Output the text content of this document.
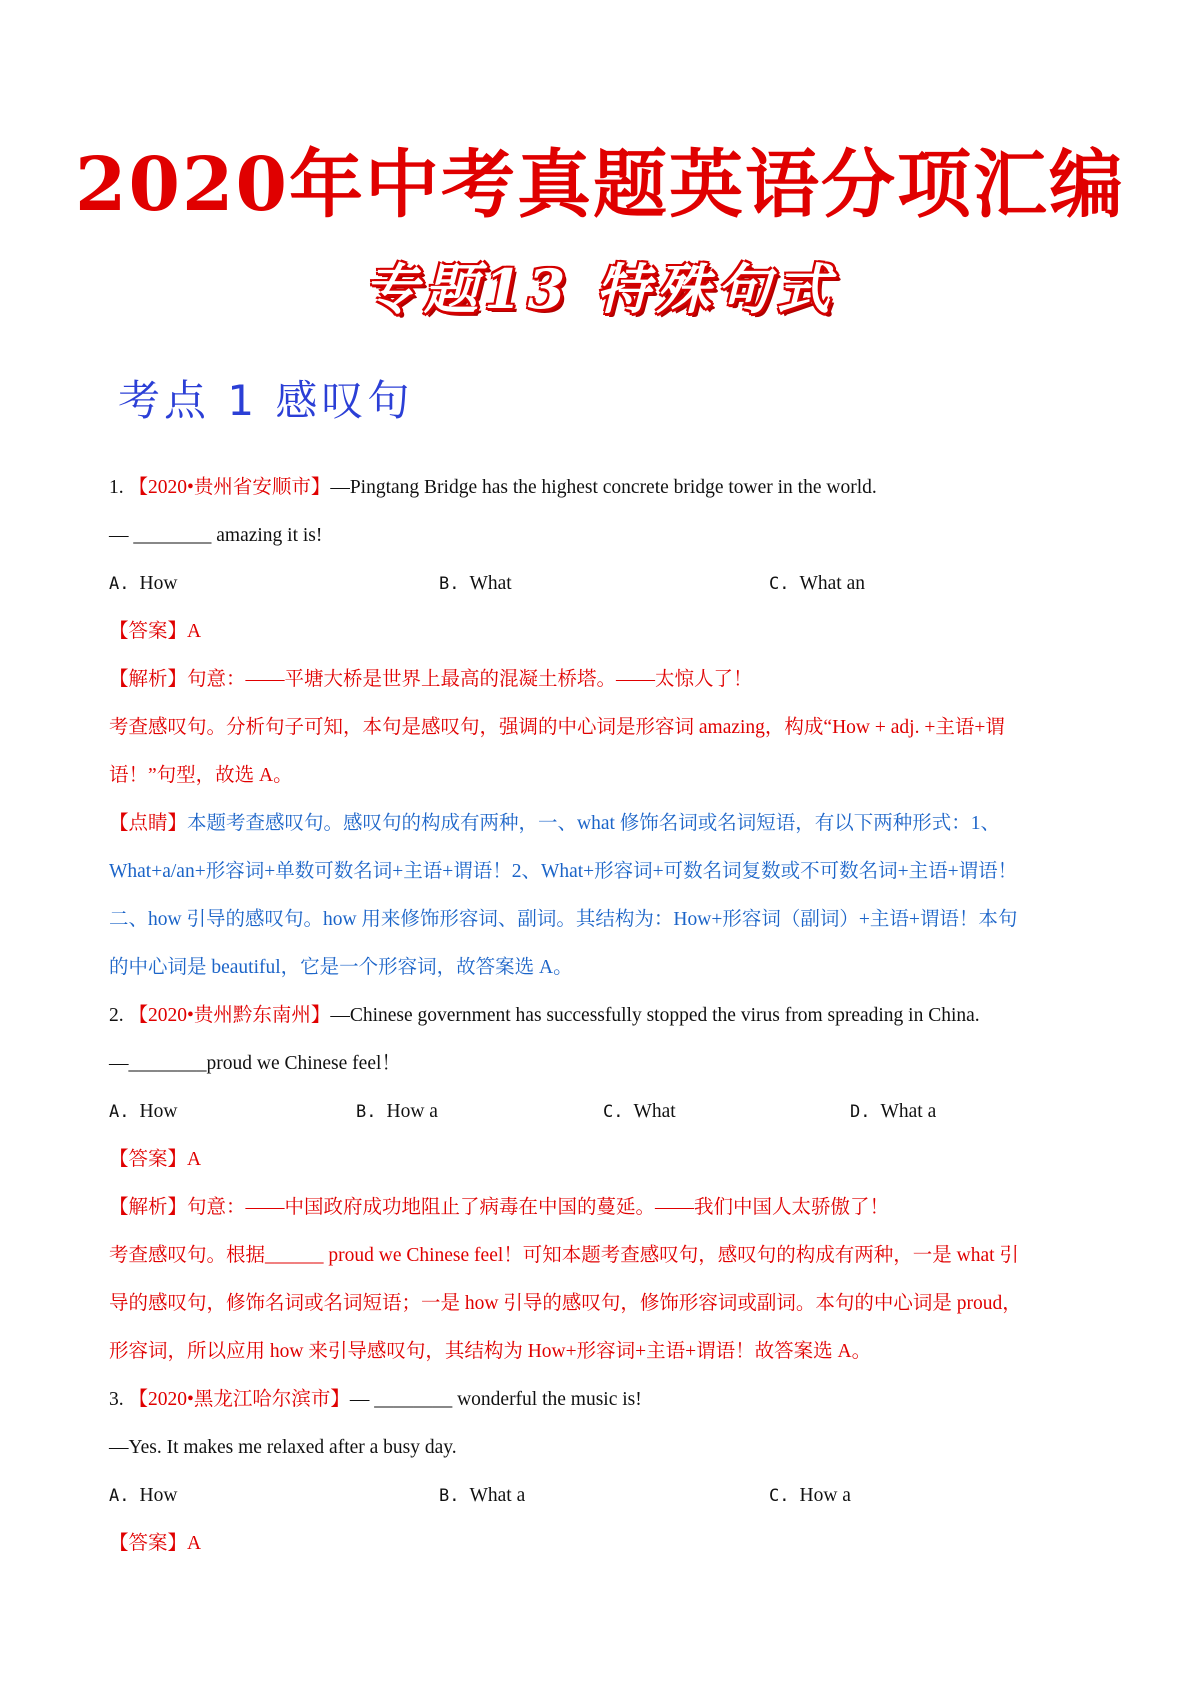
2020年中考真题英语分项汇编
专题13 特殊句式
考点 1 感叹句
1. 【2020•贵州省安顺市】—Pingtang Bridge has the highest concrete bridge tower in the world.
— ________ amazing it is!
A. How	B. What	C. What an
【答案】A
【解析】句意：——平塘大桥是世界上最高的混凝土桥塔。——太惊人了！
考查感叹句。分析句子可知，本句是感叹句，强调的中心词是形容词 amazing，构成“How + adj. +主语+谓
语！”句型，故选 A。
【点睛】本题考查感叹句。感叹句的构成有两种，一、what 修饰名词或名词短语，有以下两种形式：1、
What+a/an+形容词+单数可数名词+主语+谓语！2、What+形容词+可数名词复数或不可数名词+主语+谓语！
二、how 引导的感叹句。how 用来修饰形容词、副词。其结构为：How+形容词（副词）+主语+谓语！本句
的中心词是 beautiful，它是一个形容词，故答案选 A。
2. 【2020•贵州黔东南州】—Chinese government has successfully stopped the virus from spreading in China.
—________proud we Chinese feel！
A. How	B. How a	C. What	D. What a
【答案】A
【解析】句意：——中国政府成功地阻止了病毒在中国的蔓延。——我们中国人太骄傲了！
考查感叹句。根据______ proud we Chinese feel！可知本题考查感叹句，感叹句的构成有两种，一是 what 引
导的感叹句，修饰名词或名词短语；一是 how 引导的感叹句，修饰形容词或副词。本句的中心词是 proud，
形容词，所以应用 how 来引导感叹句，其结构为 How+形容词+主语+谓语！故答案选 A。
3. 【2020•黑龙江哈尔滨市】— ________ wonderful the music is!
—Yes. It makes me relaxed after a busy day.
A. How	B. What a	C. How a
【答案】A
